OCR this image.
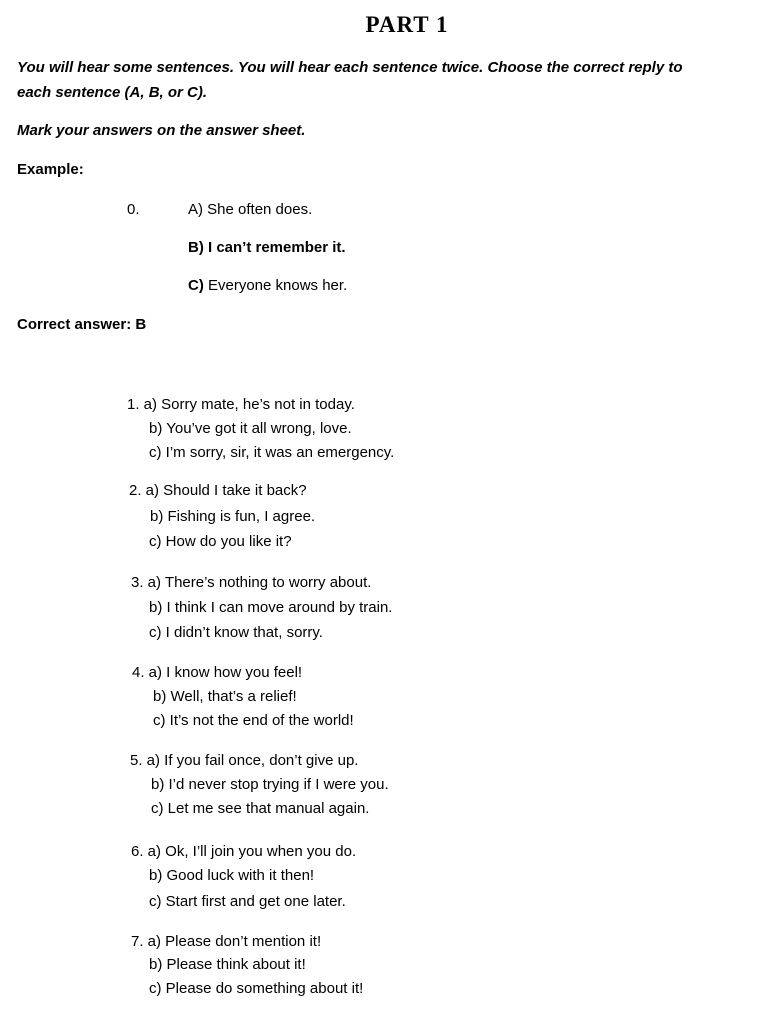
PART 1
You will hear some sentences. You will hear each sentence twice. Choose the correct reply to
each sentence (A, B, or C).
Mark your answers on the answer sheet.
Example:
0.	A) She often does.
B) I can’t remember it.
C) Everyone knows her.
Correct answer: B
1. a) Sorry mate, he’s not in today.
b) You’ve got it all wrong, love.
c) I’m sorry, sir, it was an emergency.
2. a) Should I take it back?
b) Fishing is fun, I agree.
c) How do you like it?
3. a) There’s nothing to worry about.
b) I think I can move around by train.
c) I didn’t know that, sorry.
4. a) I know how you feel!
b) Well, that’s a relief!
c) It’s not the end of the world!
5. a) If you fail once, don’t give up.
b) I’d never stop trying if I were you.
c) Let me see that manual again.
6. a) Ok, I’ll join you when you do.
b) Good luck with it then!
c) Start first and get one later.
7. a) Please don’t mention it!
b) Please think about it!
c) Please do something about it!
